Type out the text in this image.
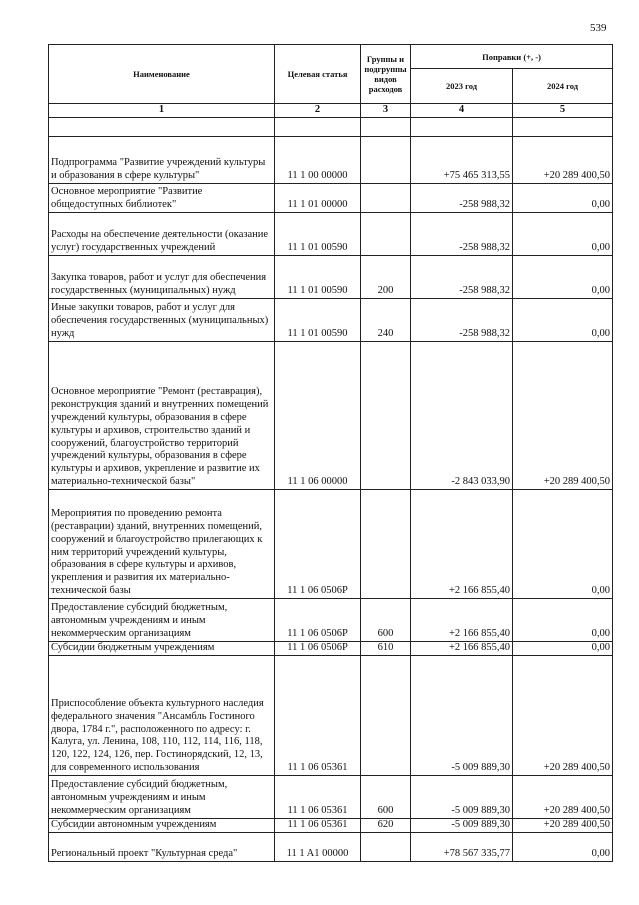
539
Наименование	Целевая статья	Группы и подгруппы видов расходов	Поправки (+, -)	
			2023 год	2024 год
1	2	3	4	5

Подпрограмма "Развитие учреждений культуры и образования в сфере культуры"	11 1 00 00000		+75 465 313,55	+20 289 400,50
Основное мероприятие "Развитие общедоступных библиотек"	11 1 01 00000		-258 988,32	0,00
Расходы на обеспечение деятельности (оказание услуг) государственных учреждений	11 1 01 00590		-258 988,32	0,00
Закупка товаров, работ и услуг для обеспечения государственных (муниципальных) нужд	11 1 01 00590	200	-258 988,32	0,00
Иные закупки товаров, работ и услуг для обеспечения государственных (муниципальных) нужд	11 1 01 00590	240	-258 988,32	0,00
Основное мероприятие "Ремонт (реставрация), реконструкция зданий и внутренних помещений учреждений культуры, образования в сфере культуры и архивов, строительство зданий и сооружений, благоустройство территорий учреждений культуры, образования в сфере культуры и архивов, укрепление и развитие их материально-технической базы"	11 1 06 00000		-2 843 033,90	+20 289 400,50
Мероприятия по проведению ремонта (реставрации) зданий, внутренних помещений, сооружений и благоустройство прилегающих к ним территорий учреждений культуры, образования в сфере культуры и архивов, укрепления и развития их материально-технической базы	11 1 06 0506Р		+2 166 855,40	0,00
Предоставление субсидий бюджетным, автономным учреждениям и иным некоммерческим организациям	11 1 06 0506Р	600	+2 166 855,40	0,00
Субсидии бюджетным учреждениям	11 1 06 0506Р	610	+2 166 855,40	0,00
Приспособление объекта культурного наследия федерального значения "Ансамбль Гостиного двора, 1784 г.", расположенного по адресу: г. Калуга, ул. Ленина, 108, 110, 112, 114, 116, 118, 120, 122, 124, 126, пер. Гостинорядский, 12, 13, для современного использования	11 1 06 05361		-5 009 889,30	+20 289 400,50
Предоставление субсидий бюджетным, автономным учреждениям и иным некоммерческим организациям	11 1 06 05361	600	-5 009 889,30	+20 289 400,50
Субсидии автономным учреждениям	11 1 06 05361	620	-5 009 889,30	+20 289 400,50
Региональный проект "Культурная среда"	11 1 A1 00000		+78 567 335,77	0,00
